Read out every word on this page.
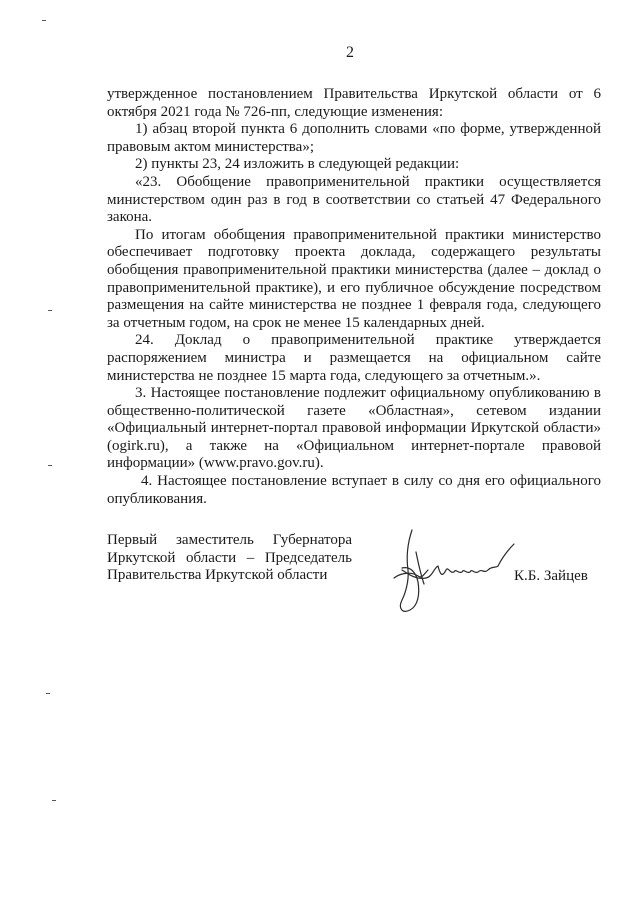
2

утвержденное постановлением Правительства Иркутской области от 6 октября 2021 года № 726-пп, следующие изменения:

1) абзац второй пункта 6 дополнить словами «по форме, утвержденной правовым актом министерства»;

2) пункты 23, 24 изложить в следующей редакции:

«23. Обобщение правоприменительной практики осуществляется министерством один раз в год в соответствии со статьей 47 Федерального закона.

По итогам обобщения правоприменительной практики министерство обеспечивает подготовку проекта доклада, содержащего результаты обобщения правоприменительной практики министерства (далее – доклад о правоприменительной практике), и его публичное обсуждение посредством размещения на сайте министерства не позднее 1 февраля года, следующего за отчетным годом, на срок не менее 15 календарных дней.

24. Доклад о правоприменительной практике утверждается распоряжением министра и размещается на официальном сайте министерства не позднее 15 марта года, следующего за отчетным.».

3. Настоящее постановление подлежит официальному опубликованию в общественно-политической газете «Областная», сетевом издании «Официальный интернет-портал правовой информации Иркутской области» (ogirk.ru), а также на «Официальном интернет-портале правовой информации» (www.pravo.gov.ru).

4. Настоящее постановление вступает в силу со дня его официального опубликования.

Первый заместитель Губернатора
Иркутской области – Председатель
Правительства Иркутской области	К.Б. Зайцев
